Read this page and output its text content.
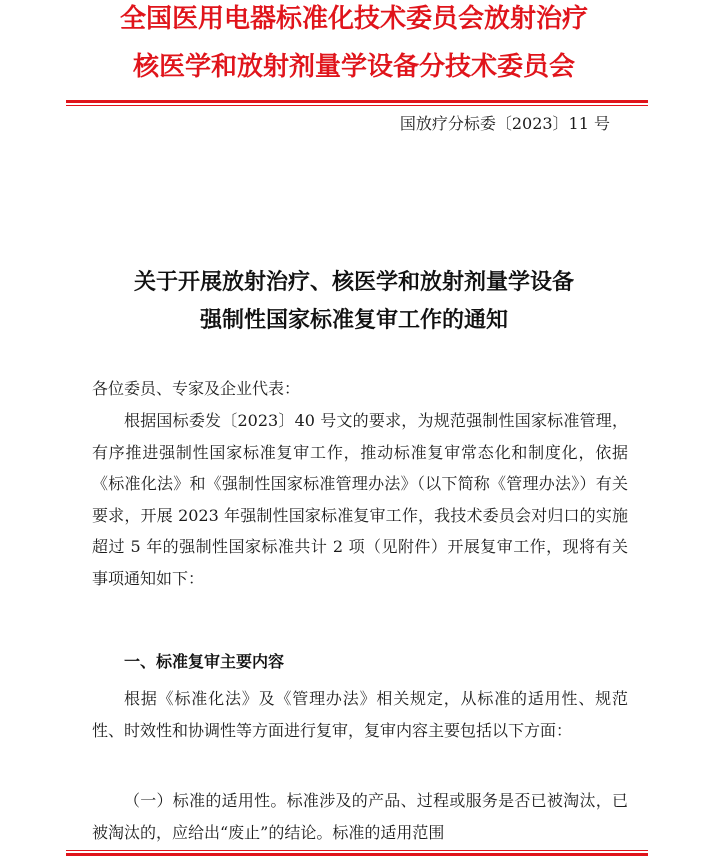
全国医用电器标准化技术委员会放射治疗
核医学和放射剂量学设备分技术委员会
国放疗分标委〔2023〕11 号
关于开展放射治疗、核医学和放射剂量学设备
强制性国家标准复审工作的通知
各位委员、专家及企业代表：
根据国标委发〔2023〕40 号文的要求，为规范强制性国家标准管理，有序推进强制性国家标准复审工作，推动标准复审常态化和制度化，依据《标准化法》和《强制性国家标准管理办法》（以下简称《管理办法》）有关要求，开展 2023 年强制性国家标准复审工作，我技术委员会对归口的实施超过 5 年的强制性国家标准共计 2 项（见附件）开展复审工作，现将有关事项通知如下：
一、标准复审主要内容
根据《标准化法》及《管理办法》相关规定，从标准的适用性、规范性、时效性和协调性等方面进行复审，复审内容主要包括以下方面：
（一）标准的适用性。标准涉及的产品、过程或服务是否已被淘汰，已被淘汰的，应给出“废止”的结论。标准的适用范围
